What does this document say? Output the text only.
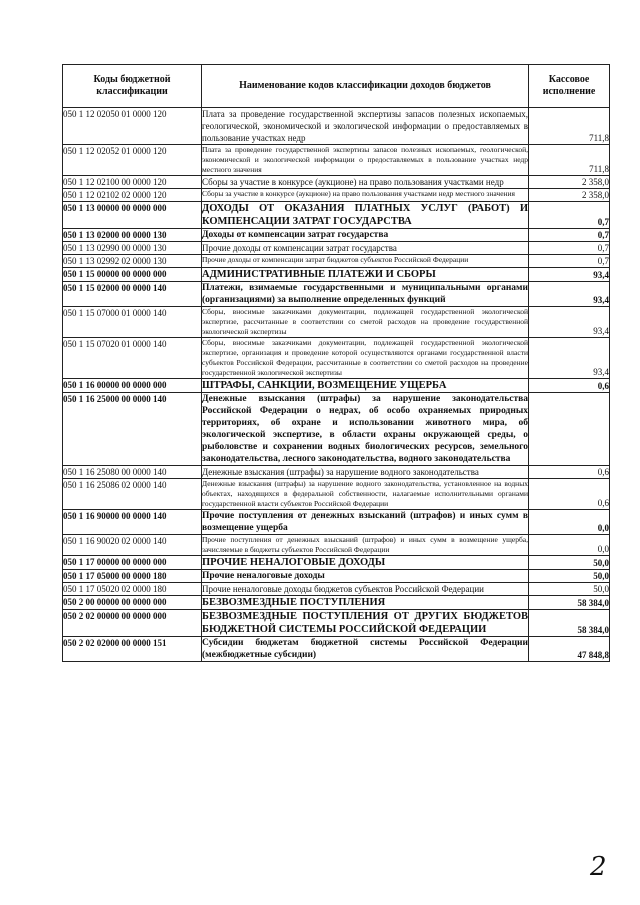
Коды бюджетной классификации	Наименование кодов классификации доходов бюджетов	Кассовое исполнение
050 1 12 02050 01 0000 120	Плата за проведение государственной экспертизы запасов полезных ископаемых, геологической, экономической и экологической информации о предоставляемых в пользование участках недр	711,8
050 1 12 02052 01 0000 120	Плата за проведение государственной экспертизы запасов полезных ископаемых, геологической, экономической и экологической информации о предоставляемых в пользование участках недр местного значения	711,8
050 1 12 02100 00 0000 120	Сборы за участие в конкурсе (аукционе) на право пользования участками недр	2 358,0
050 1 12 02102 02 0000 120	Сборы за участие в конкурсе (аукционе) на право пользования участками недр местного значения	2 358,0
050 1 13 00000 00 0000 000	ДОХОДЫ ОТ ОКАЗАНИЯ ПЛАТНЫХ УСЛУГ (РАБОТ) И КОМПЕНСАЦИИ ЗАТРАТ ГОСУДАРСТВА	0,7
050 1 13 02000 00 0000 130	Доходы от компенсации затрат государства	0,7
050 1 13 02990 00 0000 130	Прочие доходы от компенсации затрат государства	0,7
050 1 13 02992 02 0000 130	Прочие доходы от компенсации затрат бюджетов субъектов Российской Федерации	0,7
050 1 15 00000 00 0000 000	АДМИНИСТРАТИВНЫЕ ПЛАТЕЖИ И СБОРЫ	93,4
050 1 15 02000 00 0000 140	Платежи, взимаемые государственными и муниципальными органами (организациями) за выполнение определенных функций	93,4
050 1 15 07000 01 0000 140	Сборы, вносимые заказчиками документации, подлежащей государственной экологической экспертизе, рассчитанные в соответствии со сметой расходов на проведение государственной экологической экспертизы	93,4
050 1 15 07020 01 0000 140	Сборы, вносимые заказчиками документации, подлежащей государственной экологической экспертизе, организация и проведение которой осуществляются органами государственной власти субъектов Российской Федерации, рассчитанные в соответствии со сметой расходов на проведение государственной экологической экспертизы	93,4
050 1 16 00000 00 0000 000	ШТРАФЫ, САНКЦИИ, ВОЗМЕЩЕНИЕ УЩЕРБА	0,6
050 1 16 25000 00 0000 140	Денежные взыскания (штрафы) за нарушение законодательства Российской Федерации о недрах, об особо охраняемых природных территориях, об охране и использовании животного мира, об экологической экспертизе, в области охраны окружающей среды, о рыболовстве и сохранении водных биологических ресурсов, земельного законодательства, лесного законодательства, водного законодательства	
050 1 16 25080 00 0000 140	Денежные взыскания (штрафы) за нарушение водного законодательства	0,6
050 1 16 25086 02 0000 140	Денежные взыскания (штрафы) за нарушение водного законодательства, установленное на водных объектах, находящихся в федеральной собственности, налагаемые исполнительными органами государственной власти субъектов Российской Федерации	0,6
050 1 16 90000 00 0000 140	Прочие поступления от денежных взысканий (штрафов) и иных сумм в возмещение ущерба	0,0
050 1 16 90020 02 0000 140	Прочие поступления от денежных взысканий (штрафов) и иных сумм в возмещение ущерба, зачисляемые в бюджеты субъектов Российской Федерации	0,0
050 1 17 00000 00 0000 000	ПРОЧИЕ НЕНАЛОГОВЫЕ ДОХОДЫ	50,0
050 1 17 05000 00 0000 180	Прочие неналоговые доходы	50,0
050 1 17 05020 02 0000 180	Прочие неналоговые доходы бюджетов субъектов Российской Федерации	50,0
050 2 00 00000 00 0000 000	БЕЗВОЗМЕЗДНЫЕ ПОСТУПЛЕНИЯ	58 384,0
050 2 02 00000 00 0000 000	БЕЗВОЗМЕЗДНЫЕ ПОСТУПЛЕНИЯ ОТ ДРУГИХ БЮДЖЕТОВ БЮДЖЕТНОЙ СИСТЕМЫ РОССИЙСКОЙ ФЕДЕРАЦИИ	58 384,0
050 2 02 02000 00 0000 151	Субсидии бюджетам бюджетной системы Российской Федерации (межбюджетные субсидии)	47 848,8
2
